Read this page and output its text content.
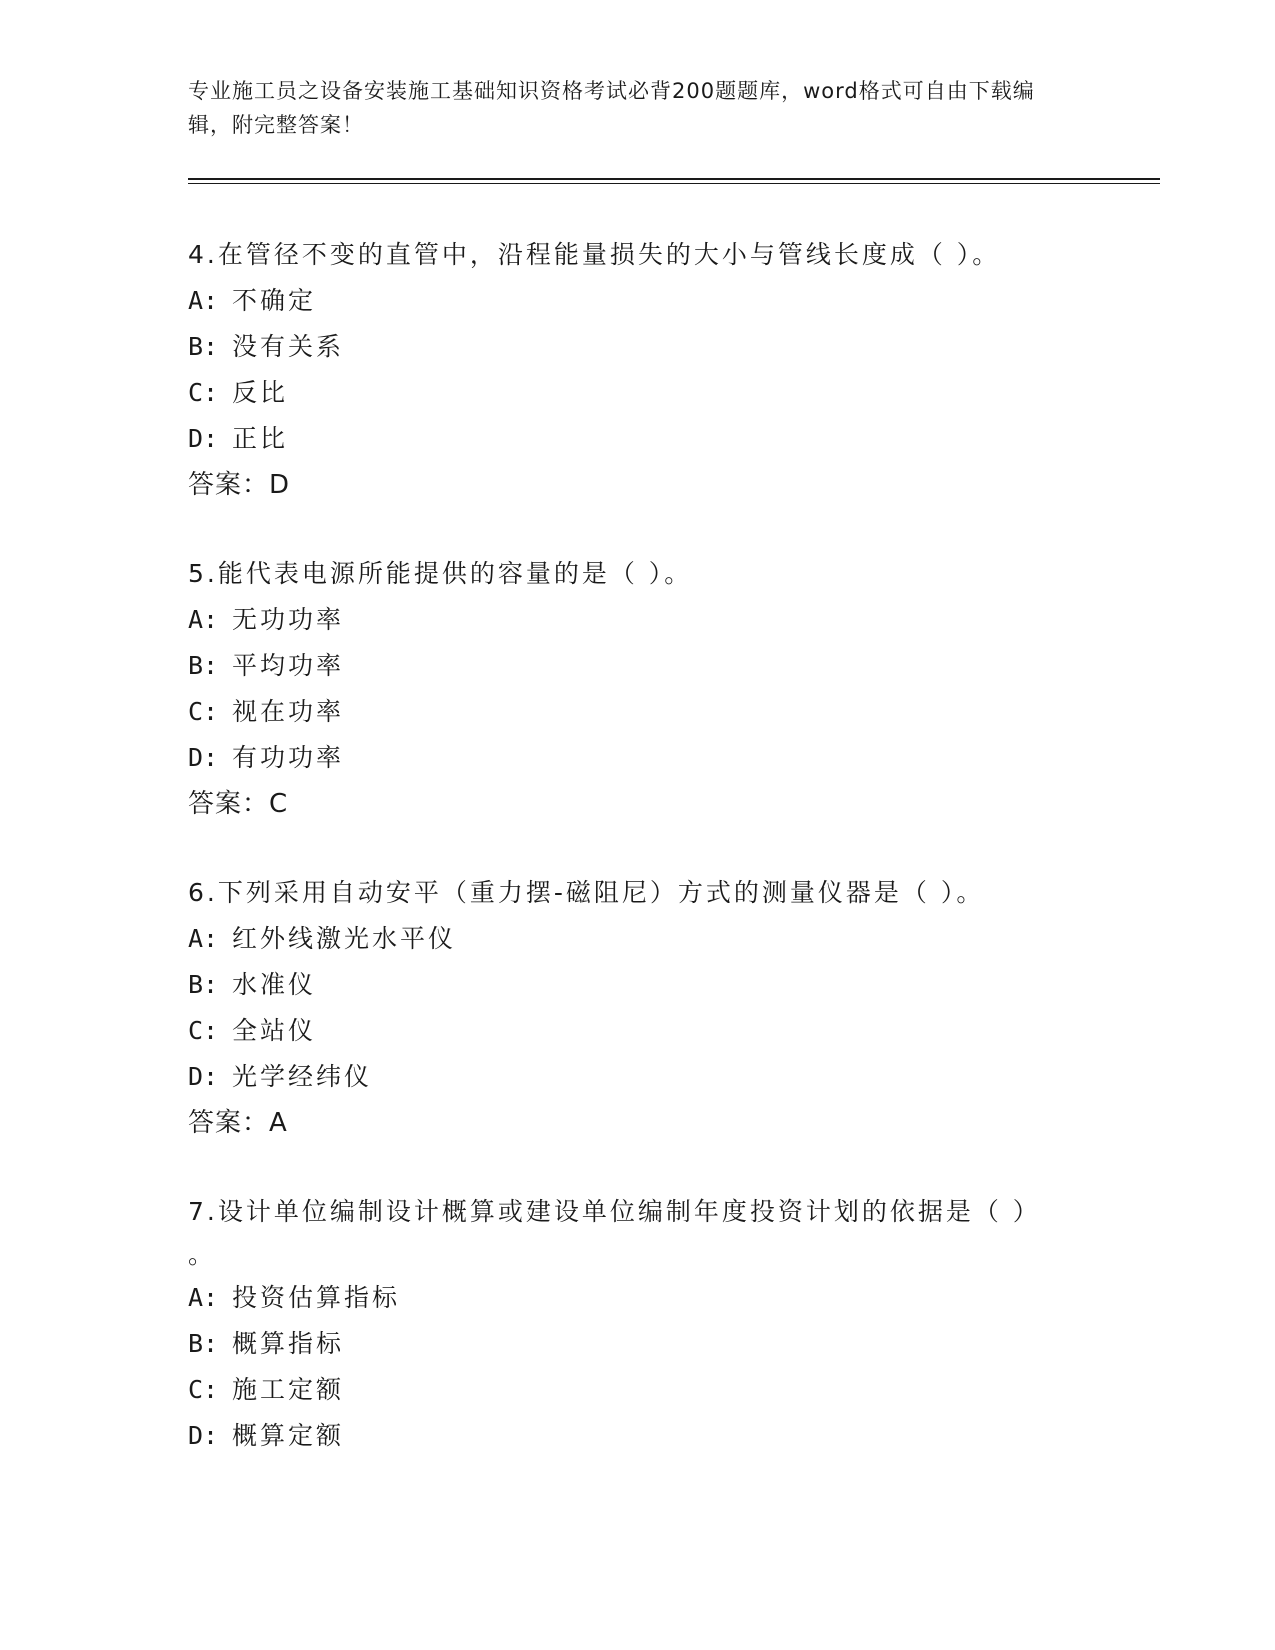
专业施工员之设备安装施工基础知识资格考试必背200题题库，word格式可自由下载编辑，附完整答案！
4.在管径不变的直管中，沿程能量损失的大小与管线长度成（ ）。
A: 不确定
B: 没有关系
C: 反比
D: 正比
答案：D
5.能代表电源所能提供的容量的是（ ）。
A: 无功功率
B: 平均功率
C: 视在功率
D: 有功功率
答案：C
6.下列采用自动安平（重力摆-磁阻尼）方式的测量仪器是（ ）。
A: 红外线激光水平仪
B: 水准仪
C: 全站仪
D: 光学经纬仪
答案：A
7.设计单位编制设计概算或建设单位编制年度投资计划的依据是（ ）
。
A: 投资估算指标
B: 概算指标
C: 施工定额
D: 概算定额
